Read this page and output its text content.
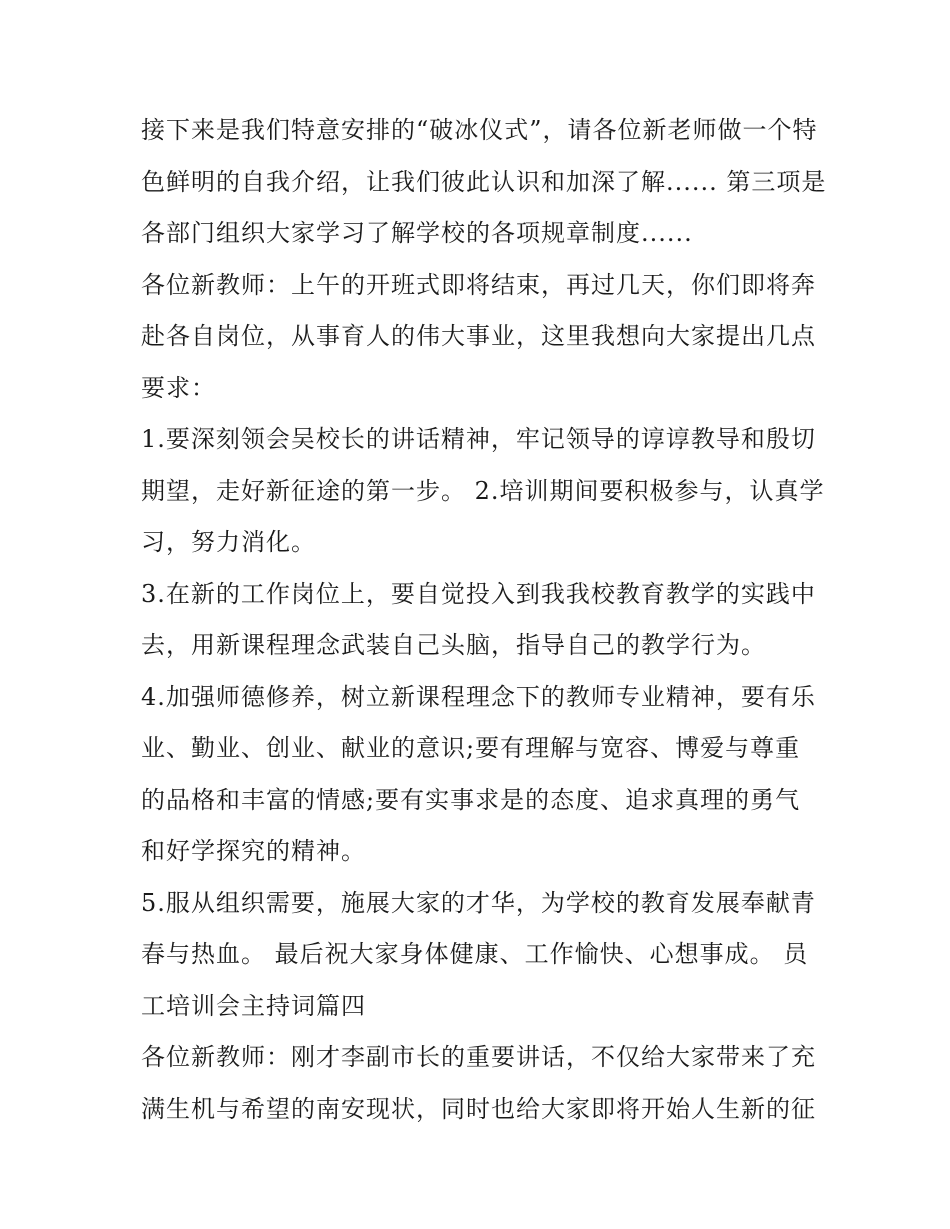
接下来是我们特意安排的“破冰仪式”，请各位新老师做一个特
色鲜明的自我介绍，让我们彼此认识和加深了解...... 第三项是
各部门组织大家学习了解学校的各项规章制度......
各位新教师：上午的开班式即将结束，再过几天，你们即将奔
赴各自岗位，从事育人的伟大事业，这里我想向大家提出几点
要求：
1.要深刻领会吴校长的讲话精神，牢记领导的谆谆教导和殷切
期望，走好新征途的第一步。 2.培训期间要积极参与，认真学
习，努力消化。
3.在新的工作岗位上，要自觉投入到我我校教育教学的实践中
去，用新课程理念武装自己头脑，指导自己的教学行为。
4.加强师德修养，树立新课程理念下的教师专业精神，要有乐
业、勤业、创业、献业的意识;要有理解与宽容、博爱与尊重
的品格和丰富的情感;要有实事求是的态度、追求真理的勇气
和好学探究的精神。
5.服从组织需要，施展大家的才华，为学校的教育发展奉献青
春与热血。 最后祝大家身体健康、工作愉快、心想事成。 员
工培训会主持词篇四
各位新教师：刚才李副市长的重要讲话，不仅给大家带来了充
满生机与希望的南安现状，同时也给大家即将开始人生新的征
